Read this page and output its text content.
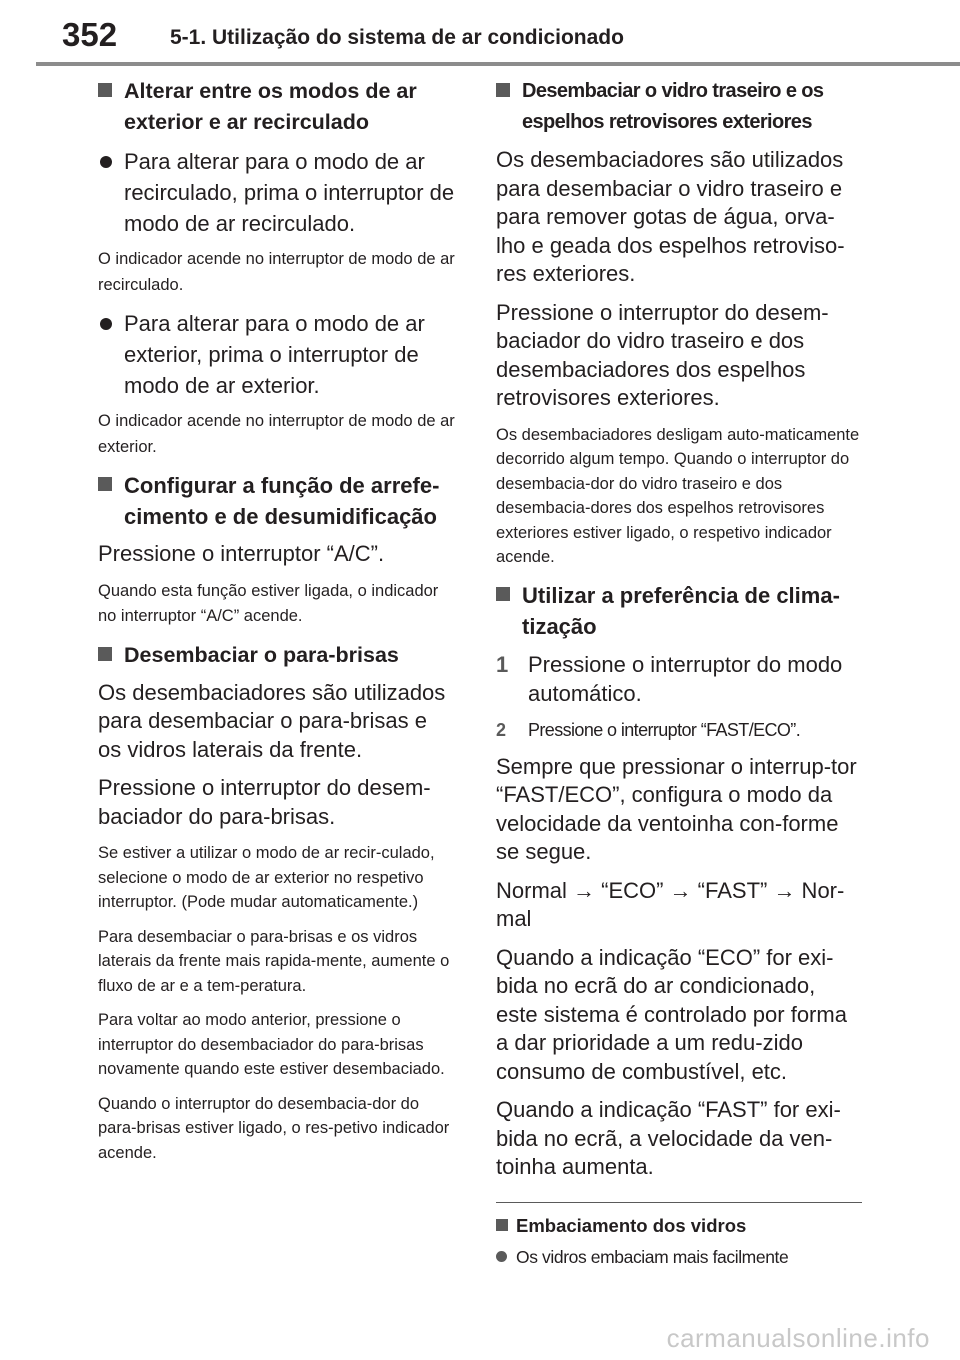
352	5-1. Utilização do sistema de ar condicionado
Alterar entre os modos de ar exterior e ar recirculado
Para alterar para o modo de ar recirculado, prima o interruptor de modo de ar recirculado.
O indicador acende no interruptor de modo de ar recirculado.
Para alterar para o modo de ar exterior, prima o interruptor de modo de ar exterior.
O indicador acende no interruptor de modo de ar exterior.
Configurar a função de arrefe-cimento e de desumidificação
Pressione o interruptor “A/C”.
Quando esta função estiver ligada, o indicador no interruptor “A/C” acende.
Desembaciar o para-brisas
Os desembaciadores são utilizados para desembaciar o para-brisas e os vidros laterais da frente.
Pressione o interruptor do desem-baciador do para-brisas.
Se estiver a utilizar o modo de ar recir-culado, selecione o modo de ar exterior no respetivo interruptor. (Pode mudar automaticamente.)
Para desembaciar o para-brisas e os vidros laterais da frente mais rapida-mente, aumente o fluxo de ar e a tem-peratura.
Para voltar ao modo anterior, pressione o interruptor do desembaciador do para-brisas novamente quando este estiver desembaciado.
Quando o interruptor do desembacia-dor do para-brisas estiver ligado, o res-petivo indicador acende.
Desembaciar o vidro traseiro e os espelhos retrovisores exteriores
Os desembaciadores são utilizados para desembaciar o vidro traseiro e para remover gotas de água, orva-lho e geada dos espelhos retroviso-res exteriores.
Pressione o interruptor do desem-baciador do vidro traseiro e dos desembaciadores dos espelhos retrovisores exteriores.
Os desembaciadores desligam auto-maticamente decorrido algum tempo. Quando o interruptor do desembacia-dor do vidro traseiro e dos desembacia-dores dos espelhos retrovisores exteriores estiver ligado, o respetivo indicador acende.
Utilizar a preferência de clima-tização
1 Pressione o interruptor do modo automático.
2 Pressione o interruptor “FAST/ECO”.
Sempre que pressionar o interrup-tor “FAST/ECO”, configura o modo da velocidade da ventoinha con-forme se segue.
Normal → “ECO” → “FAST” → Nor-mal
Quando a indicação “ECO” for exi-bida no ecrã do ar condicionado, este sistema é controlado por forma a dar prioridade a um redu-zido consumo de combustível, etc.
Quando a indicação “FAST” for exi-bida no ecrã, a velocidade da ven-toinha aumenta.
Embaciamento dos vidros
Os vidros embaciam mais facilmente
carmanualsonline.info
